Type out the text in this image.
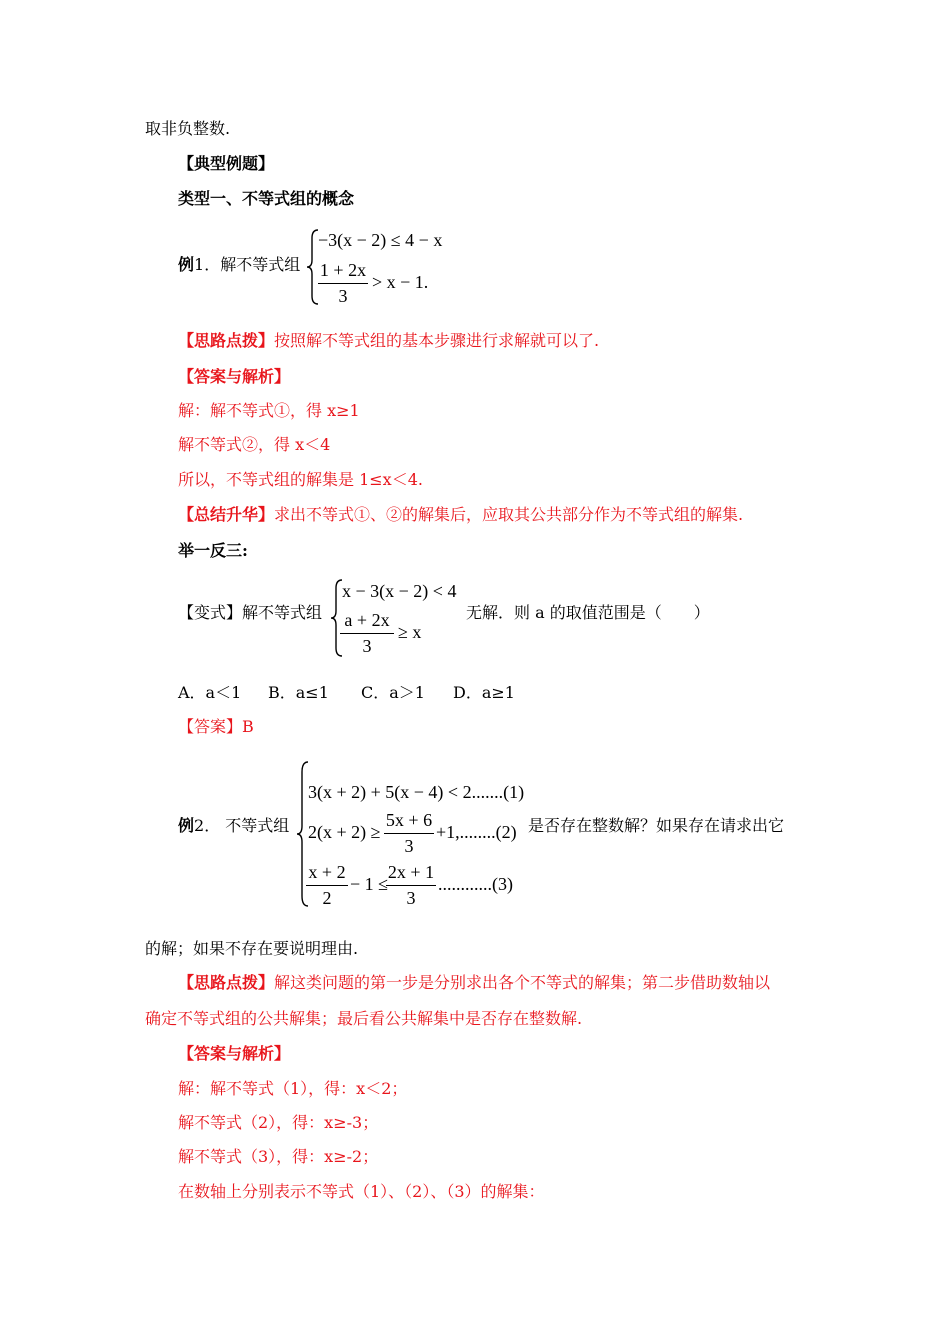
取非负整数.
【典型例题】
类型一、不等式组的概念
例1．解不等式组
−3(x − 2) ≤ 4 − x
1 + 2x
3
> x − 1.
【思路点拨】按照解不等式组的基本步骤进行求解就可以了.
【答案与解析】
解：解不等式①，得 x≥1
解不等式②，得 x＜4
所以，不等式组的解集是 1≤x＜4.
【总结升华】求出不等式①、②的解集后，应取其公共部分作为不等式组的解集.
举一反三:
【变式】解不等式组
x − 3(x − 2) < 4
a + 2x
3
≥ x
无解．则 a 的取值范围是（　　）
A．a＜1 B．a≤1 C．a＞1 D．a≥1
【答案】B
例2． 不等式组
3(x + 2) + 5(x − 4) < 2.......(1)
2(x + 2) ≥
5x + 6
3
+1,........(2)
x + 2
2
− 1 ≤
2x + 1
3
............(3)
是否存在整数解？如果存在请求出它
的解；如果不存在要说明理由.
【思路点拨】解这类问题的第一步是分别求出各个不等式的解集；第二步借助数轴以
确定不等式组的公共解集；最后看公共解集中是否存在整数解.
【答案与解析】
解：解不等式（1），得：x＜2；
解不等式（2），得：x≥-3；
解不等式（3），得：x≥-2；
在数轴上分别表示不等式（1）、（2）、（3）的解集：
